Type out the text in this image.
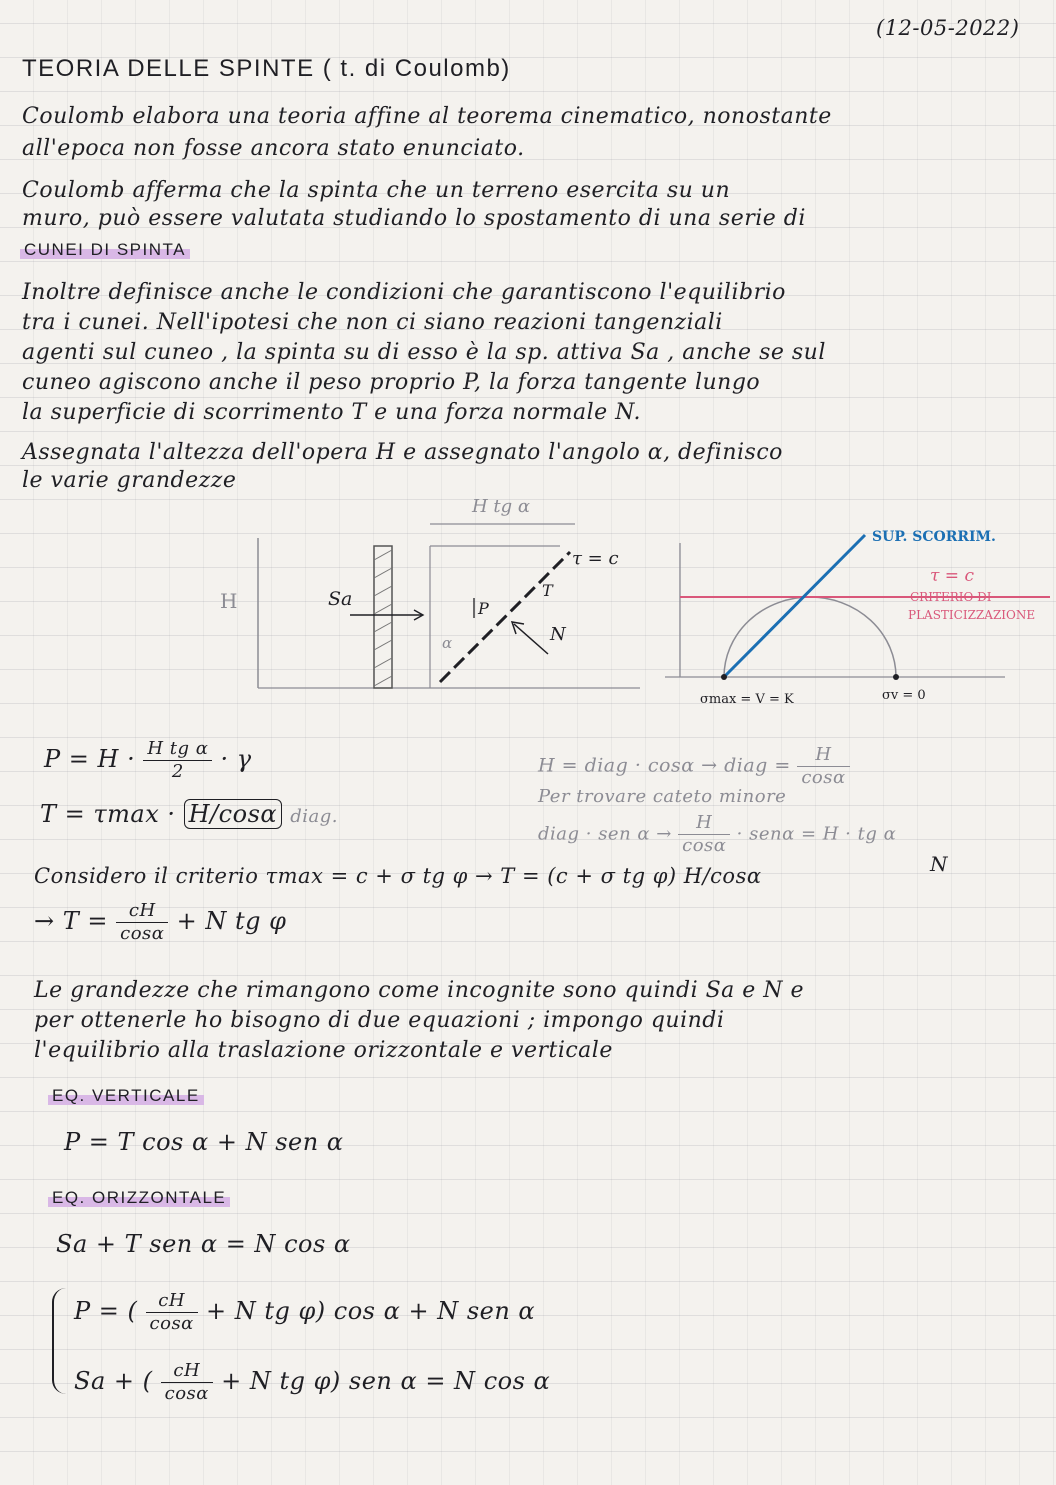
TEORIA DELLE SPINTE ( t. di Coulomb)
(12-05-2022)
Coulomb elabora una teoria affine al teorema cinematico, nonostante
all'epoca non fosse ancora stato enunciato.
Coulomb afferma che la spinta che un terreno esercita su un
muro, può essere valutata studiando lo spostamento di una serie di
CUNEI DI SPINTA
Inoltre definisce anche le condizioni che garantiscono l'equilibrio
tra i cunei. Nell'ipotesi che non ci siano reazioni tangenziali
agenti sul cuneo , la spinta su di esso è la sp. attiva Sa , anche se sul
cuneo agiscono anche il peso proprio P, la forza tangente lungo
la superficie di scorrimento T e una forza normale N.
Assegnata l'altezza dell'opera H e assegnato l'angolo α, definisco
le varie grandezze
H	Sa
H tg α
τ = c
T
P
N
α
SUP. SCORRIM.
τ = c
CRITERIO DI
PLASTICIZZAZIONE
σmax = V = K	σv = 0
$P = H \cdot \frac{\text{H tg α}}{2} \cdot \gamma$
T = τmax · H/cosα diag.
H = diag · cosα → diag = $\frac{H}{\cos\alpha}$
Per trovare cateto minore
diag · sen $\alpha \to \frac{H}{\cos\alpha} \cdot sen\alpha = H$ · tg α
Considero il criterio τmax = c + σ tg φ → T = (c + σ tg φ) H/cosα	N
→ $T = \frac{cH}{\cos\alpha} + N$ tg φ
Le grandezze che rimangono come incognite sono quindi Sa e N e
per ottenerle ho bisogno di due equazioni ; impongo quindi
l'equilibrio alla traslazione orizzontale e verticale
EQ. VERTICALE
P = T cos α + N sen α
EQ. ORIZZONTALE
Sa + T sen α = N cos α
P = ( $\frac{cH}{\cos\alpha} + N$ tg φ) cos α + N sen α
Sa + ( $\frac{cH}{\cos\alpha} + N$ tg φ) sen α = N cos α
